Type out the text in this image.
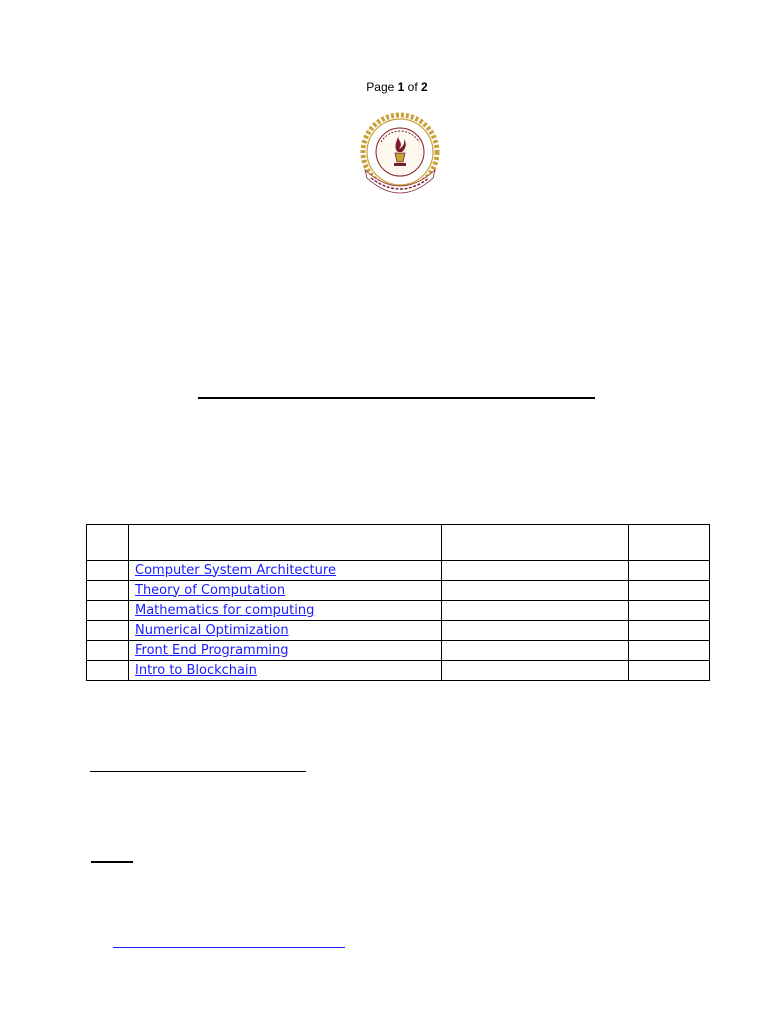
Page 1 of 2

	Computer System Architecture		
	Theory of Computation		
	Mathematics for computing		
	Numerical Optimization		
	Front End Programming		
	Intro to Blockchain		
